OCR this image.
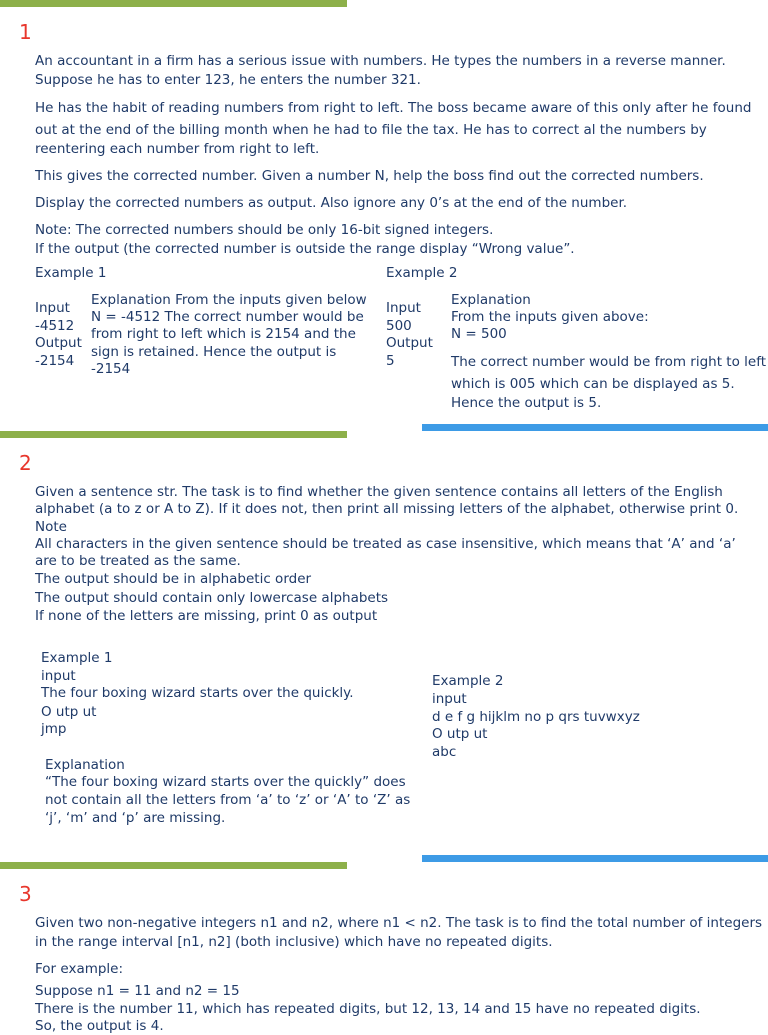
1
An accountant in a firm has a serious issue with numbers. He types the numbers in a reverse manner.
Suppose he has to enter 123, he enters the number 321.
He has the habit of reading numbers from right to left. The boss became aware of this only after he found
out at the end of the billing month when he had to file the tax. He has to correct al the numbers by
reentering each number from right to left.
This gives the corrected number. Given a number N, help the boss find out the corrected numbers.
Display the corrected numbers as output. Also ignore any 0’s at the end of the number.
Note: The corrected numbers should be only 16-bit signed integers.
If the output (the corrected number is outside the range display “Wrong value”.
Example 1	Example 2
Input
-4512
Output
-2154
Explanation From the inputs given below
N = -4512 The correct number would be
from right to left which is 2154 and the
sign is retained. Hence the output is
-2154
Input
500
Output
5
Explanation
From the inputs given above:
N = 500
The correct number would be from right to left
which is 005 which can be displayed as 5.
Hence the output is 5.
2
Given a sentence str. The task is to find whether the given sentence contains all letters of the English
alphabet (a to z or A to Z). If it does not, then print all missing letters of the alphabet, otherwise print 0.
Note
All characters in the given sentence should be treated as case insensitive, which means that ‘A’ and ‘a’
are to be treated as the same.
The output should be in alphabetic order
The output should contain only lowercase alphabets
If none of the letters are missing, print 0 as output
Example 1
input
The four boxing wizard starts over the quickly.
O utp ut
jmp
Explanation
“The four boxing wizard starts over the quickly” does
not contain all the letters from ‘a’ to ‘z’ or ‘A’ to ‘Z’ as
‘j’, ‘m’ and ‘p’ are missing.
Example 2
input
d e f g hijklm no p qrs tuvwxyz
O utp ut
abc
3
Given two non-negative integers n1 and n2, where n1 < n2. The task is to find the total number of integers
in the range interval [n1, n2] (both inclusive) which have no repeated digits.
For example:
Suppose n1 = 11 and n2 = 15
There is the number 11, which has repeated digits, but 12, 13, 14 and 15 have no repeated digits.
So, the output is 4.
